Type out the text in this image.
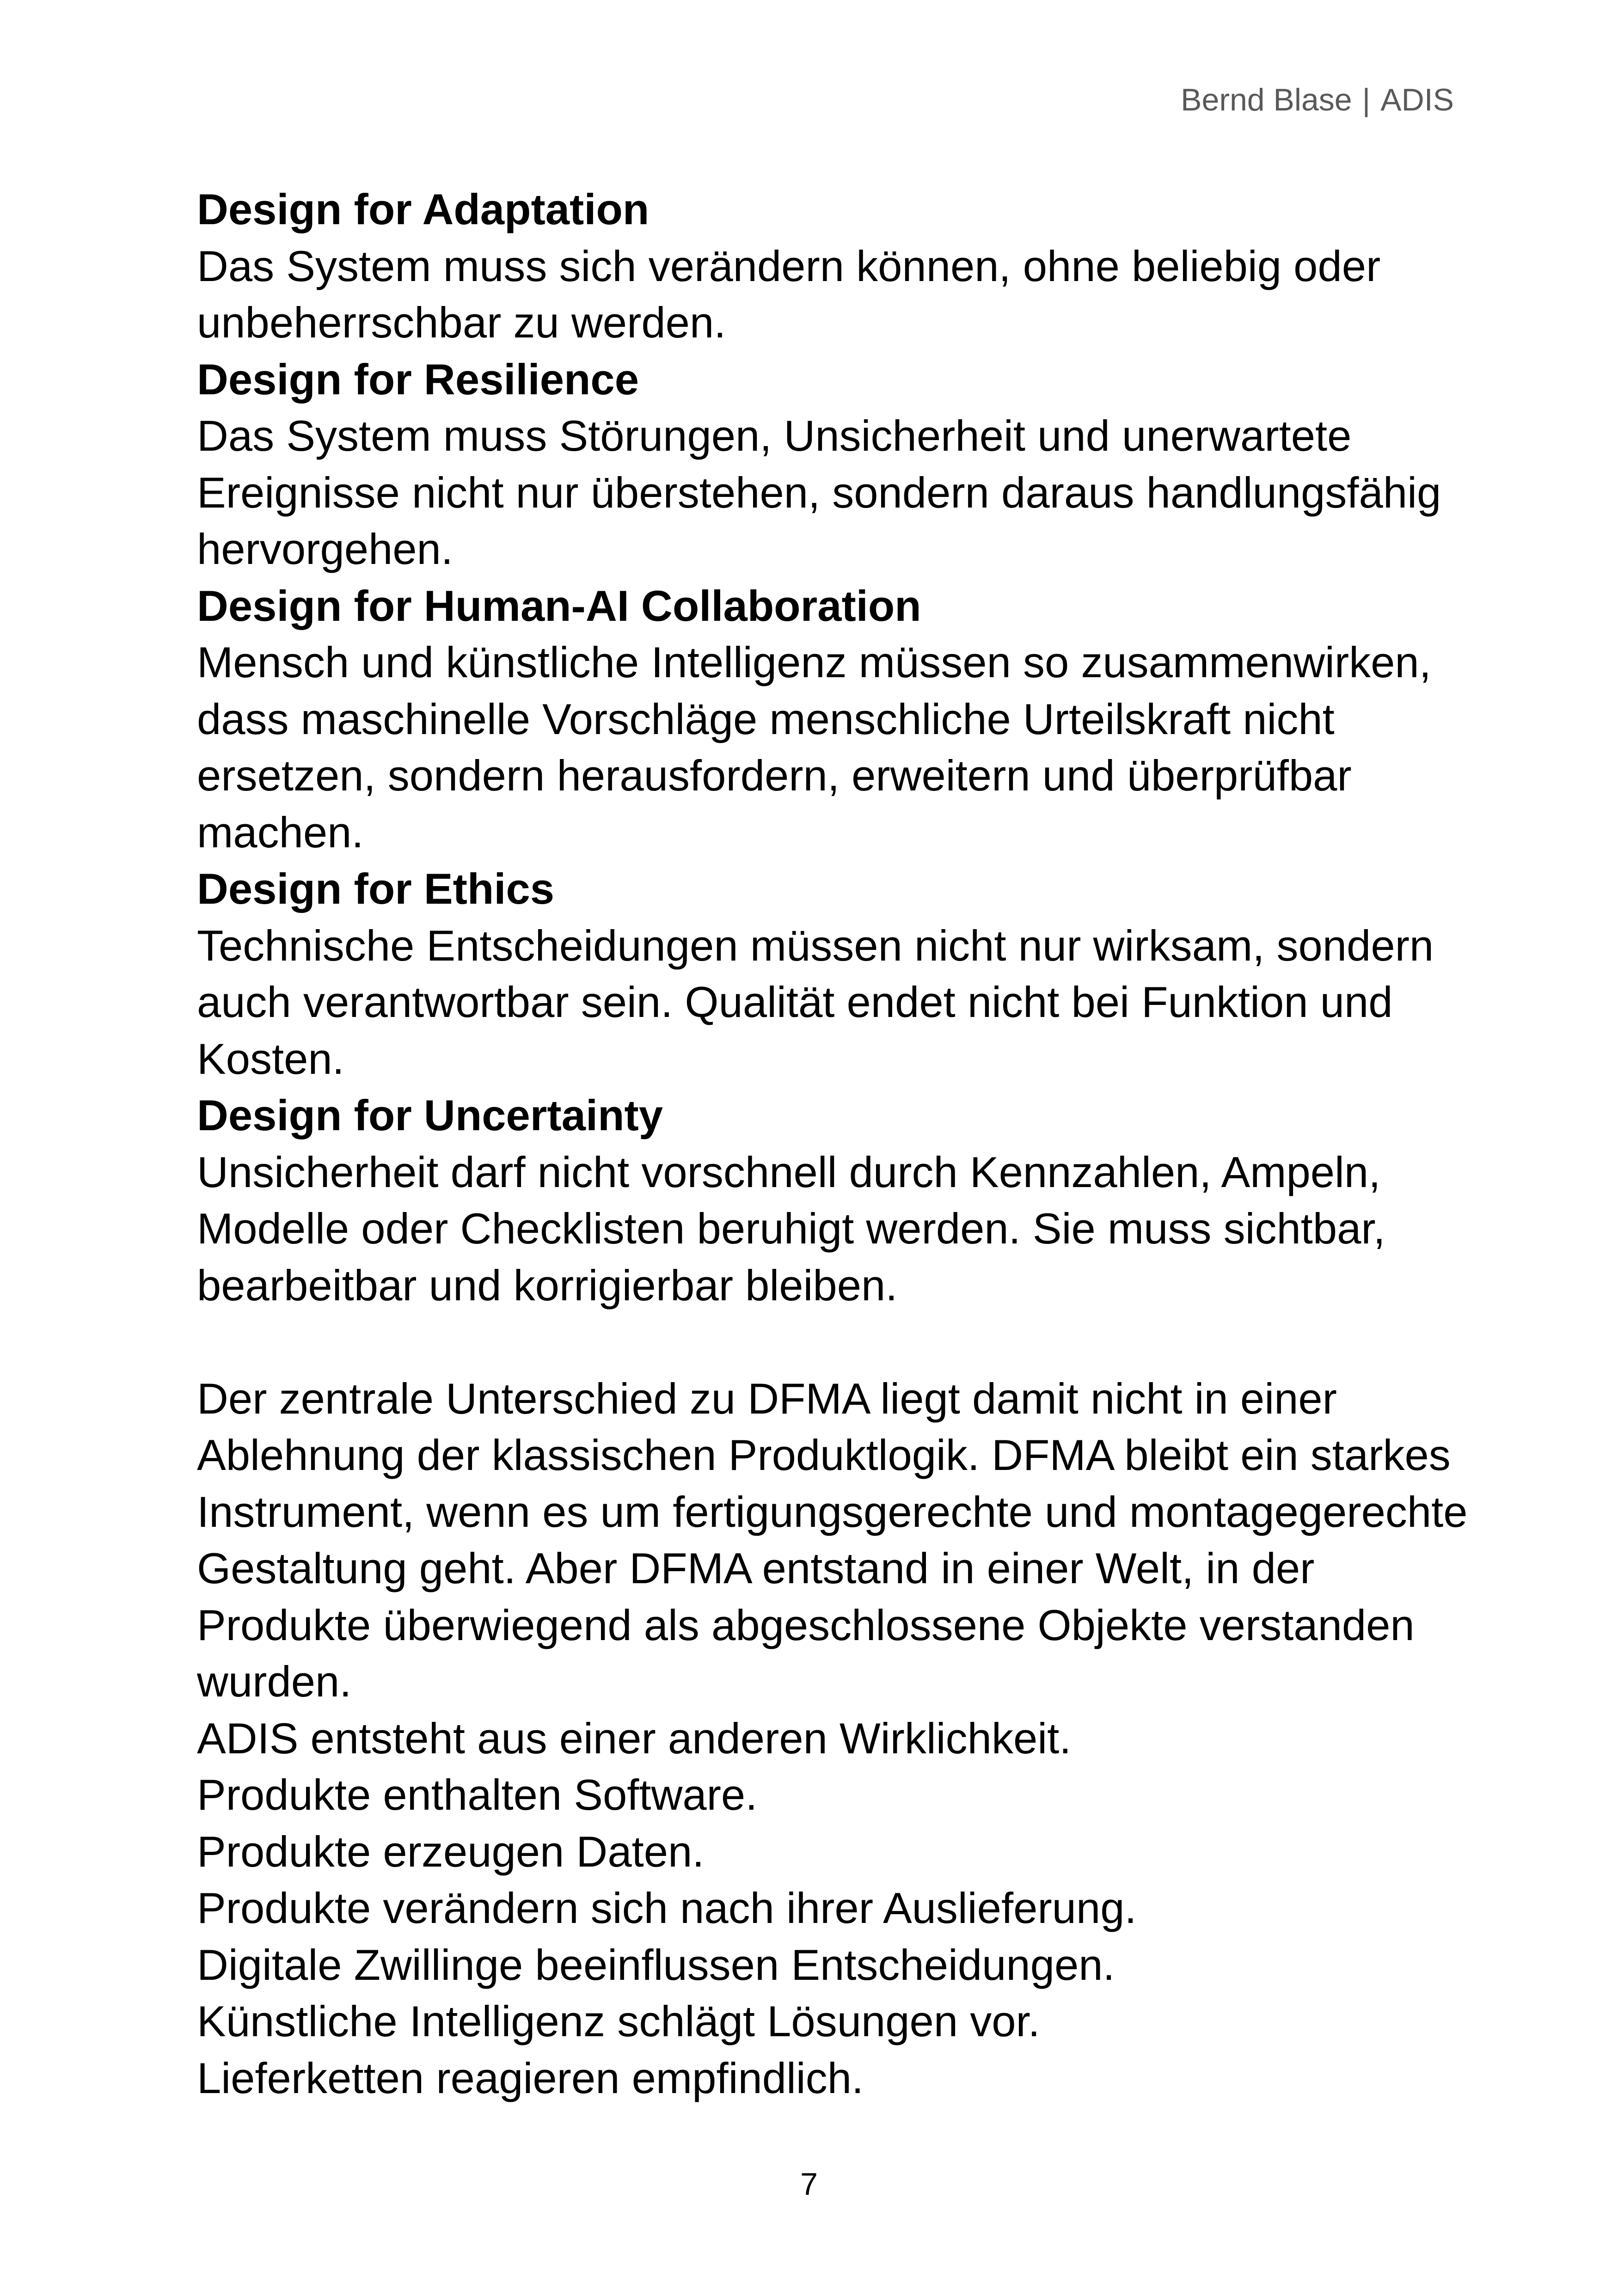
Bernd Blase | ADIS

Design for Adaptation

Das System muss sich verändern können, ohne beliebig oder

unbeherrschbar zu werden.

Design for Resilience

Das System muss Störungen, Unsicherheit und unerwartete

Ereignisse nicht nur überstehen, sondern daraus handlungsfähig

hervorgehen.

Design for Human-AI Collaboration

Mensch und künstliche Intelligenz müssen so zusammenwirken,

dass maschinelle Vorschläge menschliche Urteilskraft nicht

ersetzen, sondern herausfordern, erweitern und überprüfbar

machen.

Design for Ethics

Technische Entscheidungen müssen nicht nur wirksam, sondern

auch verantwortbar sein. Qualität endet nicht bei Funktion und

Kosten.

Design for Uncertainty

Unsicherheit darf nicht vorschnell durch Kennzahlen, Ampeln,

Modelle oder Checklisten beruhigt werden. Sie muss sichtbar,

bearbeitbar und korrigierbar bleiben.

Der zentrale Unterschied zu DFMA liegt damit nicht in einer

Ablehnung der klassischen Produktlogik. DFMA bleibt ein starkes

Instrument, wenn es um fertigungsgerechte und montagegerechte

Gestaltung geht. Aber DFMA entstand in einer Welt, in der

Produkte überwiegend als abgeschlossene Objekte verstanden

wurden.

ADIS entsteht aus einer anderen Wirklichkeit.

Produkte enthalten Software.

Produkte erzeugen Daten.

Produkte verändern sich nach ihrer Auslieferung.

Digitale Zwillinge beeinflussen Entscheidungen.

Künstliche Intelligenz schlägt Lösungen vor.

Lieferketten reagieren empfindlich.

7
